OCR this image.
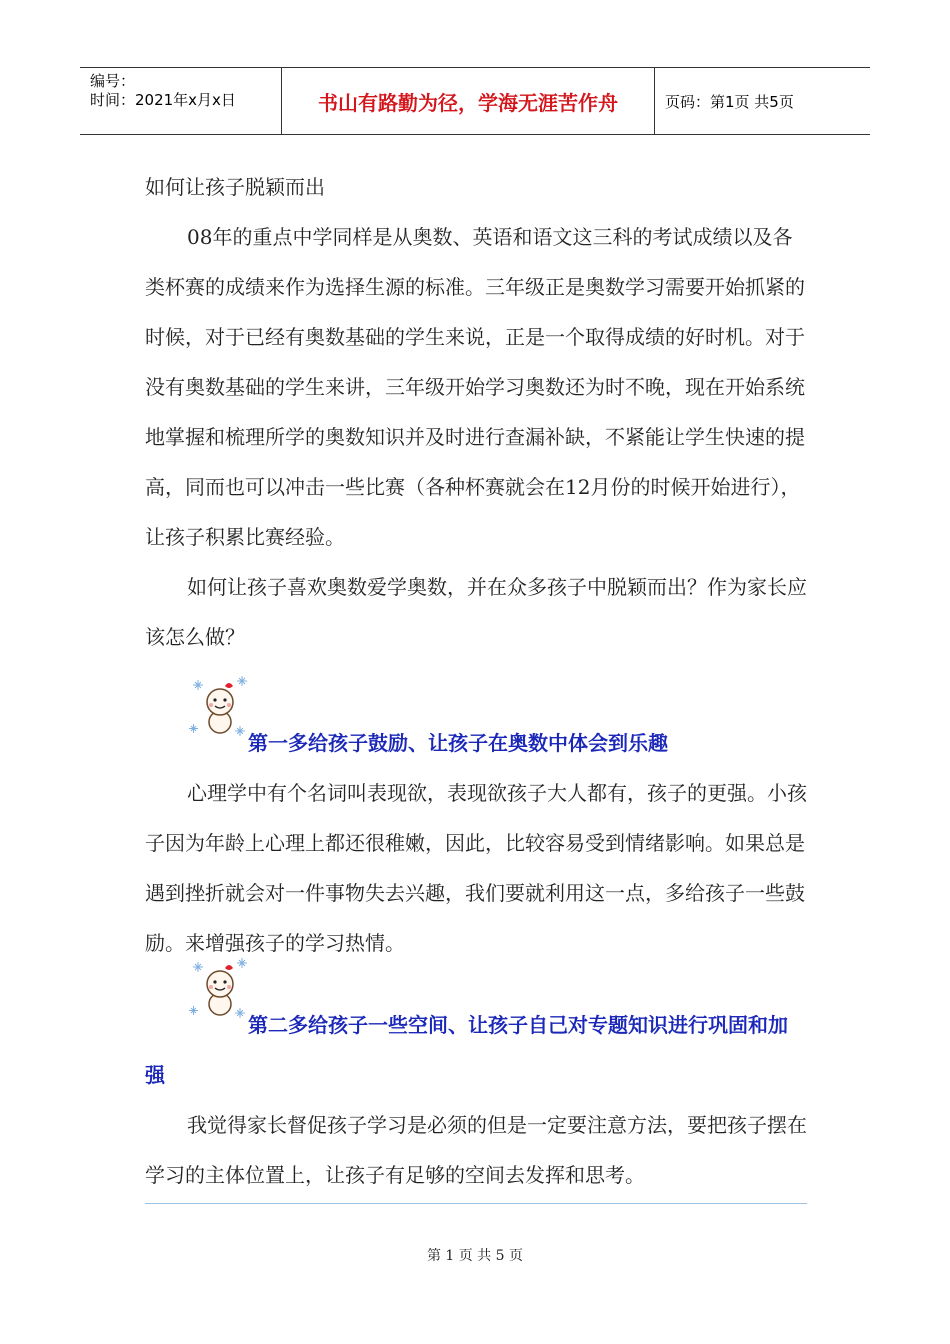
编号：
时间：2021年x月x日	书山有路勤为径，学海无涯苦作舟	页码：第1页 共5页

如何让孩子脱颖而出

08年的重点中学同样是从奥数、英语和语文这三科的考试成绩以及各类杯赛的成绩来作为选择生源的标准。三年级正是奥数学习需要开始抓紧的时候，对于已经有奥数基础的学生来说，正是一个取得成绩的好时机。对于没有奥数基础的学生来讲，三年级开始学习奥数还为时不晚，现在开始系统地掌握和梳理所学的奥数知识并及时进行查漏补缺，不紧能让学生快速的提高，同而也可以冲击一些比赛（各种杯赛就会在12月份的时候开始进行），让孩子积累比赛经验。

如何让孩子喜欢奥数爱学奥数，并在众多孩子中脱颖而出？作为家长应该怎么做？

第一多给孩子鼓励、让孩子在奥数中体会到乐趣

心理学中有个名词叫表现欲，表现欲孩子大人都有，孩子的更强。小孩子因为年龄上心理上都还很稚嫩，因此，比较容易受到情绪影响。如果总是遇到挫折就会对一件事物失去兴趣，我们要就利用这一点，多给孩子一些鼓励。来增强孩子的学习热情。

第二多给孩子一些空间、让孩子自己对专题知识进行巩固和加强

我觉得家长督促孩子学习是必须的但是一定要注意方法，要把孩子摆在学习的主体位置上，让孩子有足够的空间去发挥和思考。

第 1 页 共 5 页
